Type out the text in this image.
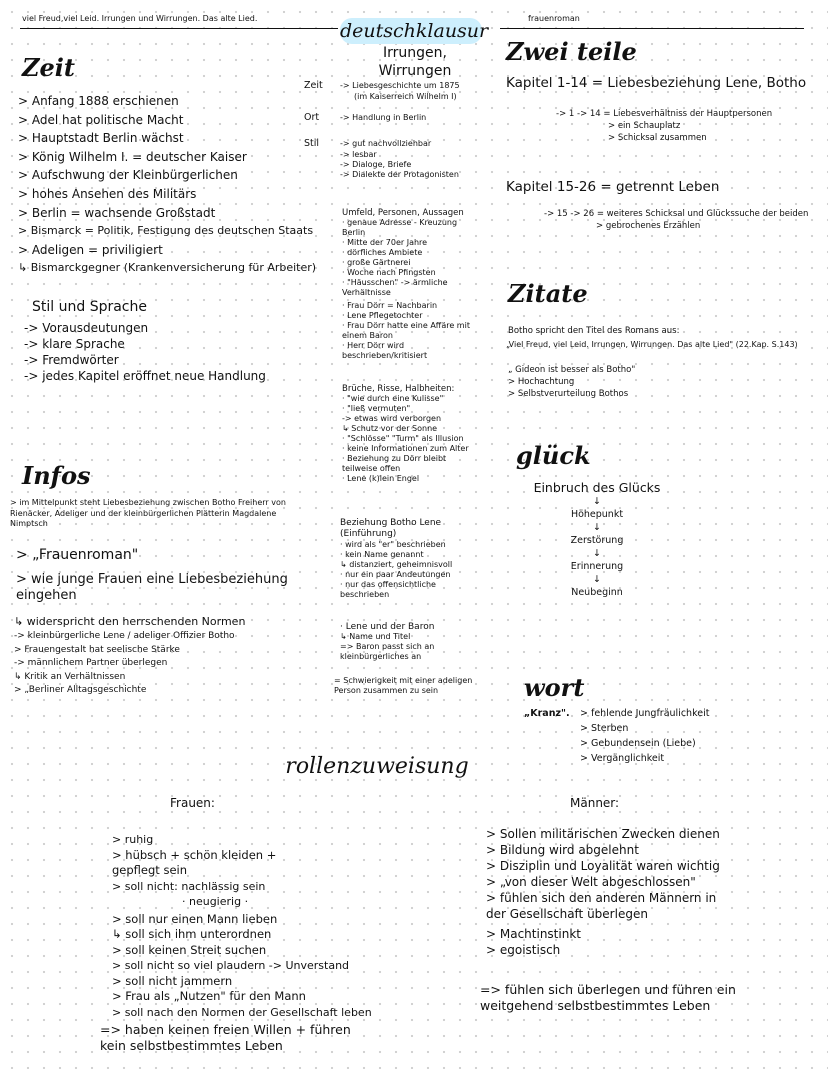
viel Freud,viel Leid. Irrungen und Wirrungen. Das alte Lied.
deutschklausur
Irrungen, Wirrungen
frauenroman
Zeit
> Anfang 1888 erschienen
> Adel hat politische Macht
> Hauptstadt Berlin wächst
> König Wilhelm I. = deutscher Kaiser
> Aufschwung der Kleinbürgerlichen
> hohes Ansehen des Militärs
> Berlin = wachsende Großstadt
> Bismarck = Politik, Festigung des deutschen Staats
> Adeligen = priviligiert
↳ Bismarckgegner (Krankenversicherung für Arbeiter)
Stil und Sprache
-> Vorausdeutungen
-> klare Sprache
-> Fremdwörter
-> jedes Kapitel eröffnet neue Handlung
Zeit -> Liebesgeschichte um 1875
(im Kaiserreich Wilhelm I)
Ort	-> Handlung in Berlin
Stil	-> gut nachvollziehbar
-> lesbar
-> Dialoge, Briefe
-> Dialekte der Protagonisten
Umfeld, Personen, Aussagen
· genaue Adresse - Kreuzung Berlin
· Mitte der 70er Jahre
· dörfliches Ambiete
· große Gärtnerei
· Woche nach Pfingsten
· "Häusschen" -> ärmliche Verhältnisse
· Frau Dörr = Nachbarin
· Lene Pflegetochter
· Frau Dörr hatte eine Affäre mit einem Baron
· Herr Dörr wird beschrieben/kritisiert
Brüche, Risse, Halbheiten:
· "wie durch eine Kulisse"
· "ließ vermuten"
-> etwas wird verborgen
↳ Schutz vor der Sonne
· "Schlösse" "Turm" als Illusion
· keine Informationen zum Alter
· Beziehung zu Dörr bleibt teilweise offen
· Lene (k)lein Engel
Beziehung Botho Lene (Einführung)
· wird als "er" beschrieben
· kein Name genannt
↳ distanziert, geheimnisvoll
· nur ein paar Andeutungen
· nur das offensichtliche beschrieben
· Lene und der Baron
↳ Name und Titel
=> Baron passt sich an kleinbürgerliches an
= Schwierigkeit mit einer adeligen Person zusammen zu sein
Zwei teile
Kapitel 1-14 = Liebesbeziehung Lene, Botho
-> 1 -> 14 = Liebesverhältniss der Hauptpersonen
> ein Schauplatz
> Schicksal zusammen
Kapitel 15-26 = getrennt Leben
-> 15 -> 26 = weiteres Schicksal und Glückssuche der beiden
> gebrochenes Erzählen
Zitate
Botho spricht den Titel des Romans aus:
„Viel Freud, viel Leid. Irrungen, Wirrungen. Das alte Lied" (22.Kap. S.143)
„ Gideon ist besser als Botho"
> Hochachtung
> Selbstverurteilung Bothos
glück
Einbruch des Glücks
↓
Höhepunkt
↓
Zerstörung
↓
Erinnerung
↓
Neubeginn
wort
„Kranz". > fehlende Jungfräulichkeit
> Sterben
> Gebundensein (Liebe)
> Vergänglichkeit
Infos
> im Mittelpunkt steht Liebesbeziehung zwischen Botho Freiherr von Rienäcker, Adeliger und der kleinbürgerlichen Plätterin Magdalene Nimptsch
> „Frauenroman"
> wie junge Frauen eine Liebesbeziehung eingehen
↳ widerspricht den herrschenden Normen
-> kleinbürgerliche Lene / adeliger Offizier Botho
> Frauengestalt hat seelische Stärke
-> männlichem Partner überlegen
↳ Kritik an Verhältnissen
> „Berliner Alltagsgeschichte
rollenzuweisung
Frauen:
> ruhig
> hübsch + schön kleiden + gepflegt sein
> soll nicht: nachlässig sein
· neugierig ·
> soll nur einen Mann lieben
↳ soll sich ihm unterordnen
> soll keinen Streit suchen
> soll nicht so viel plaudern -> Unverstand
> soll nicht jammern
> Frau als „Nutzen" für den Mann
> soll nach den Normen der Gesellschaft leben
=> haben keinen freien Willen + führen kein selbstbestimmtes Leben
Männer:
> Sollen militärischen Zwecken dienen
> Bildung wird abgelehnt
> Disziplin und Loyalität waren wichtig
> „von dieser Welt abgeschlossen"
> fühlen sich den anderen Männern in der Gesellschaft überlegen
> Machtinstinkt
> egoistisch
=> fühlen sich überlegen und führen ein weitgehend selbstbestimmtes Leben
